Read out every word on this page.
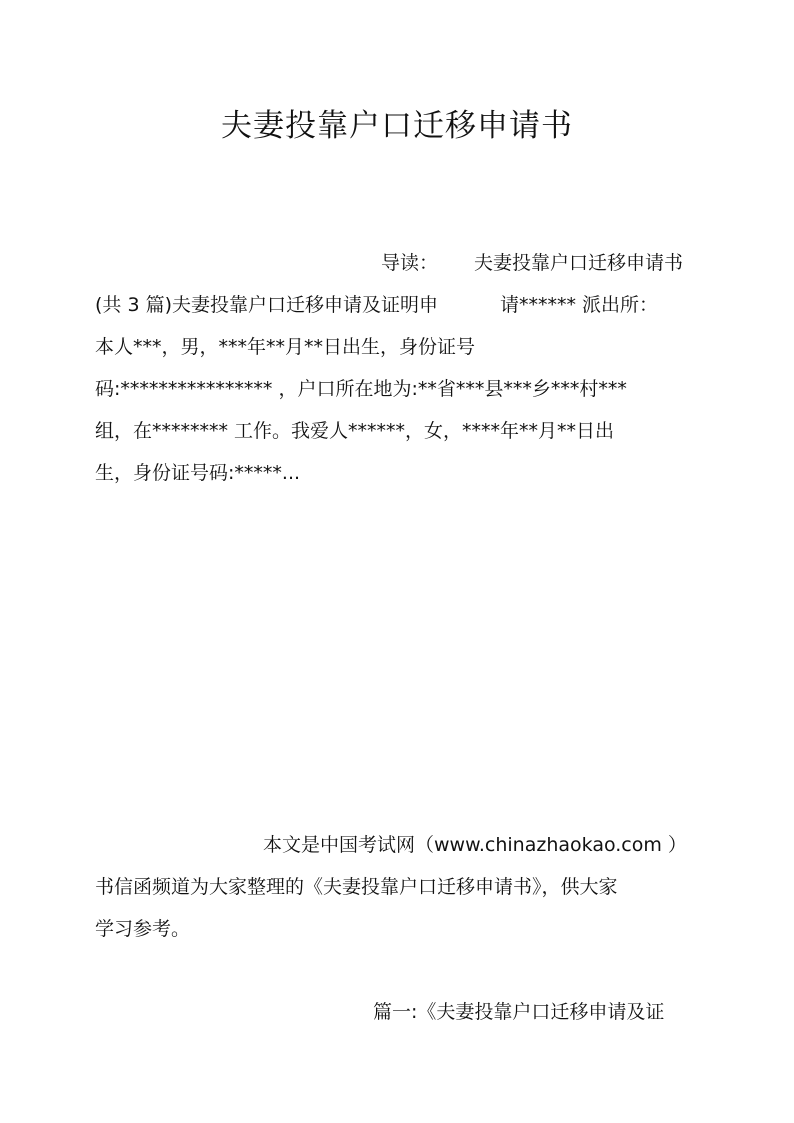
夫妻投靠户口迁移申请书
导读： 夫妻投靠户口迁移申请书
(共 3 篇)夫妻投靠户口迁移申请及证明申	请****** 派出所：
本人***，男，***年**月**日出生，身份证号
码:**************** ，户口所在地为:**省***县***乡***村***
组，在******** 工作。我爱人******，女，****年**月**日出
生，身份证号码:*****...
本文是中国考试网（www.chinazhaokao.com ）
书信函频道为大家整理的《夫妻投靠户口迁移申请书》，供大家
学习参考。
篇一:《夫妻投靠户口迁移申请及证
